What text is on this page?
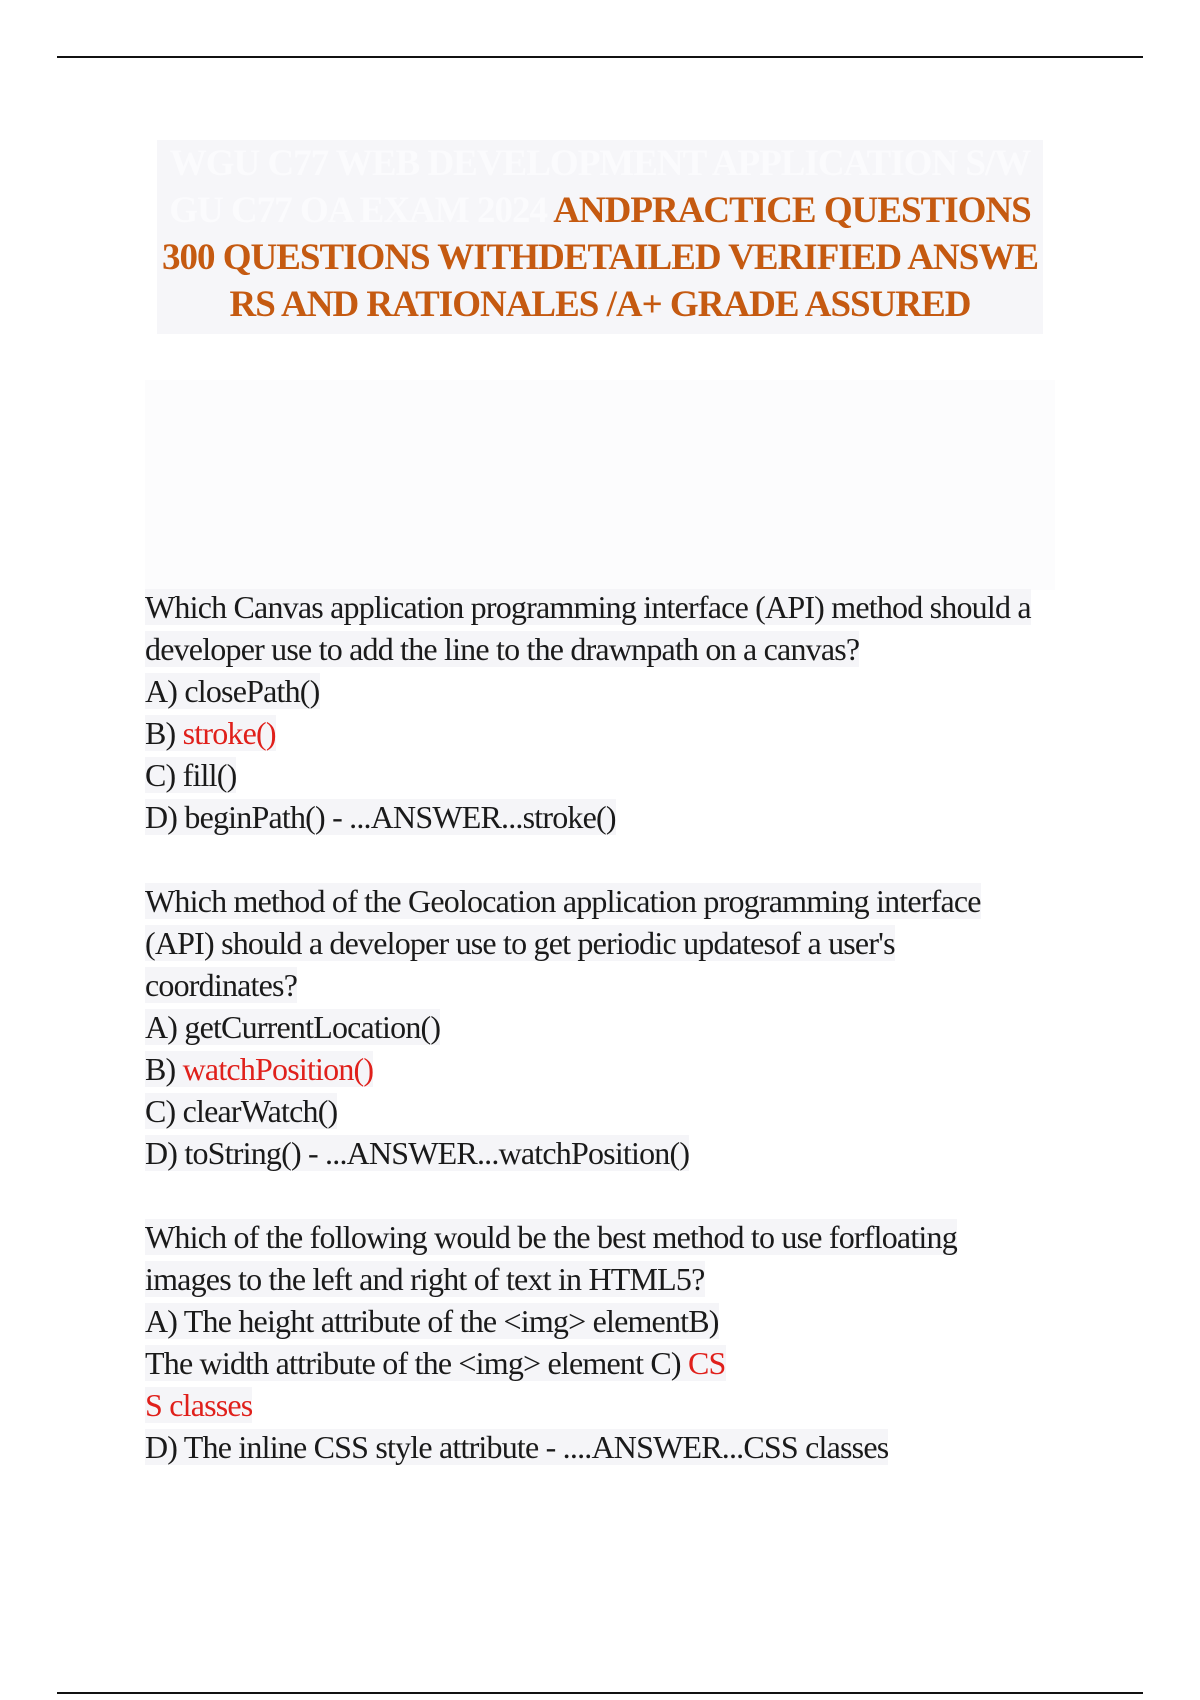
WGU C77 WEB DEVELOPMENT APPLICATION S/WGU C77 OA EXAM 2024 ANDPRACTICE QUESTIONS 300 QUESTIONS WITHDETAILED VERIFIED ANSWERS AND RATIONALES /A+ GRADE ASSURED

Which Canvas application programming interface (API) method should a developer use to add the line to the drawnpath on a canvas?

A) closePath()

B) stroke()

C) fill()

D) beginPath() - ...ANSWER...stroke()

Which method of the Geolocation application programming interface (API) should a developer use to get periodic updatesof a user's coordinates?

A) getCurrentLocation()

B) watchPosition()

C) clearWatch()

D) toString() - ...ANSWER...watchPosition()

Which of the following would be the best method to use forfloating images to the left and right of text in HTML5?

A) The height attribute of the <img> elementB)

The width attribute of the <img> element C) CS

S classes

D) The inline CSS style attribute - ....ANSWER...CSS classes
